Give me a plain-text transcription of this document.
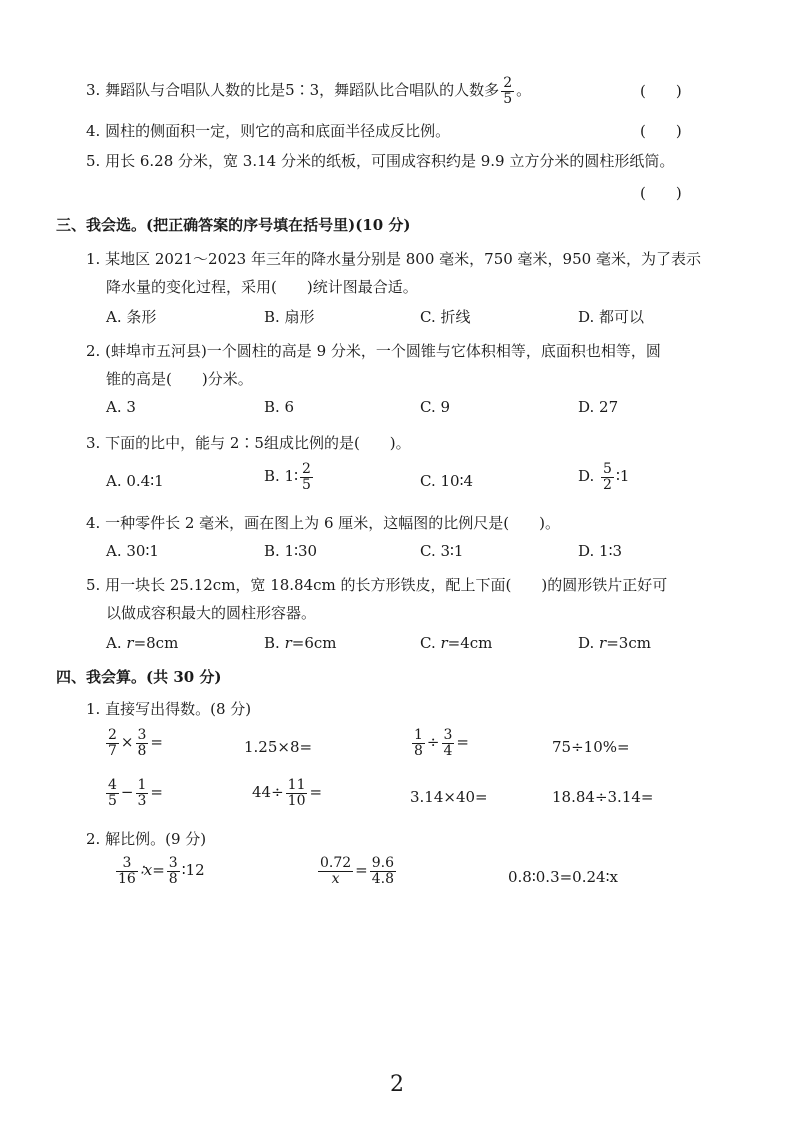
3. 舞蹈队与合唱队人数的比是5∶3，舞蹈队比合唱队的人数多 $\frac{2}{5}$ 。	(　　)
4. 圆柱的侧面积一定，则它的高和底面半径成反比例。	(　　)
5. 用长 6.28 分米，宽 3.14 分米的纸板，可围成容积约是 9.9 立方分米的圆柱形纸筒。
(　　)
三、我会选。(把正确答案的序号填在括号里)(10 分)
1. 某地区 2021～2023 年三年的降水量分别是 800 毫米，750 毫米，950 毫米，为了表示
降水量的变化过程，采用(　　)统计图最合适。
A. 条形	B. 扇形	C. 折线	D. 都可以
2. (蚌埠市五河县)一个圆柱的高是 9 分米，一个圆锥与它体积相等，底面积也相等，圆
锥的高是(　　)分米。
A. 3	B. 6	C. 9	D. 27
3. 下面的比中，能与 2∶5组成比例的是(　　)。
A. 0.4∶1	B. 1∶ $\frac{2}{5}$	C. 10∶4	D. $\frac{5}{2}$ ∶1
4. 一种零件长 2 毫米，画在图上为 6 厘米，这幅图的比例尺是(　　)。
A. 30∶1	B. 1∶30	C. 3∶1	D. 1∶3
5. 用一块长 25.12cm，宽 18.84cm 的长方形铁皮，配上下面(　　)的圆形铁片正好可
以做成容积最大的圆柱形容器。
A. r=8cm	B. r=6cm	C. r=4cm	D. r=3cm
四、我会算。(共 30 分)
1. 直接写出得数。(8 分)
$\frac{2}{7} \times \frac{3}{8}$ =	1.25×8=	$\frac{1}{8} \div \frac{3}{4}$ =	75÷10%=
$\frac{4}{5} - \frac{1}{3}$ =	$44\div \frac{11}{10}$ =	3.14×40=	18.84÷3.14=
2. 解比例。(9 分)
$\frac{3}{16}$ ∶x= $\frac{3}{8}$ ∶12	$\frac{0.72}{x} = \frac{9.6}{4.8}$	0.8∶0.3=0.24∶x
2
